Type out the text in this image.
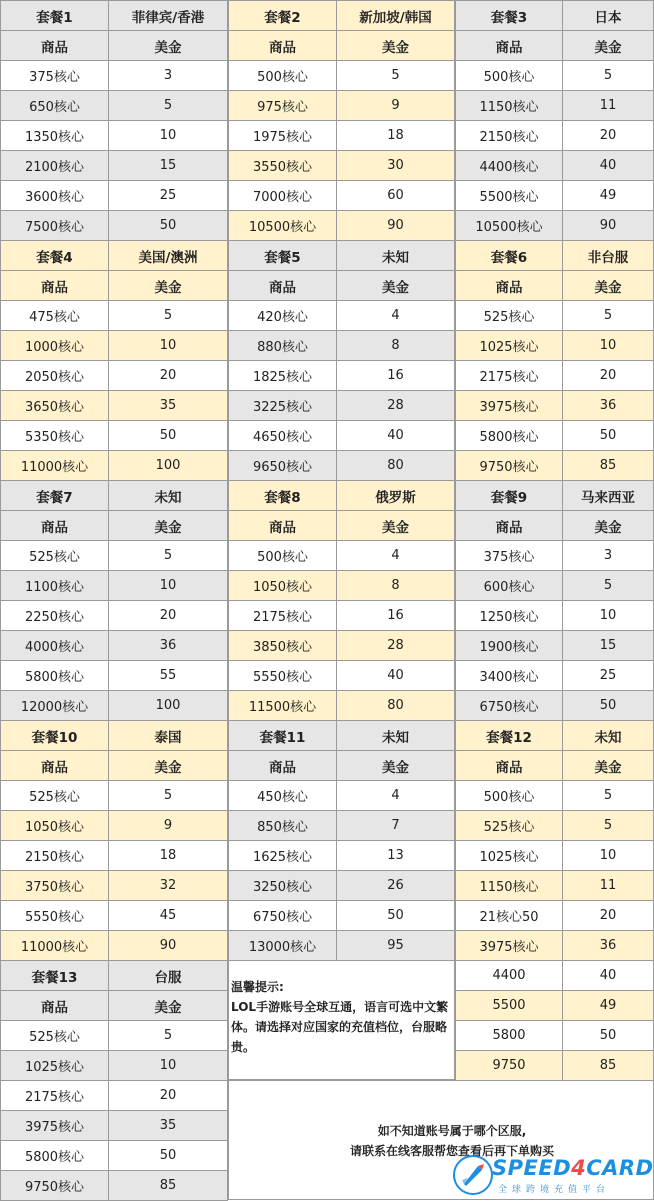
套餐1	菲律宾/香港
商品	美金
375核心	3
650核心	5
1350核心	10
2100核心	15
3600核心	25
7500核心	50
套餐2	新加坡/韩国
商品	美金
500核心	5
975核心	9
1975核心	18
3550核心	30
7000核心	60
10500核心	90
套餐3	日本
商品	美金
500核心	5
1150核心	11
2150核心	20
4400核心	40
5500核心	49
10500核心	90
套餐4	美国/澳洲
商品	美金
475核心	5
1000核心	10
2050核心	20
3650核心	35
5350核心	50
11000核心	100
套餐5	未知
商品	美金
420核心	4
880核心	8
1825核心	16
3225核心	28
4650核心	40
9650核心	80
套餐6	非台服
商品	美金
525核心	5
1025核心	10
2175核心	20
3975核心	36
5800核心	50
9750核心	85
套餐7	未知
商品	美金
525核心	5
1100核心	10
2250核心	20
4000核心	36
5800核心	55
12000核心	100
套餐8	俄罗斯
商品	美金
500核心	4
1050核心	8
2175核心	16
3850核心	28
5550核心	40
11500核心	80
套餐9	马来西亚
商品	美金
375核心	3
600核心	5
1250核心	10
1900核心	15
3400核心	25
6750核心	50
套餐10	泰国
商品	美金
525核心	5
1050核心	9
2150核心	18
3750核心	32
5550核心	45
11000核心	90
套餐11	未知
商品	美金
450核心	4
850核心	7
1625核心	13
3250核心	26
6750核心	50
13000核心	95
套餐12	未知
商品	美金
500核心	5
525核心	5
1025核心	10
1150核心	11
21核心50	20
3975核心	36
4400	40
5500	49
5800	50
9750	85
套餐13	台服
商品	美金
525核心	5
1025核心	10
2175核心	20
3975核心	35
5800核心	50
9750核心	85
温馨提示:
LOL手游账号全球互通，语言可选中文繁体。请选择对应国家的充值档位，台服略贵。
如不知道账号属于哪个区服,
请联系在线客服帮您查看后再下单购买
SPEED4CARD
全球跨境充值平台
